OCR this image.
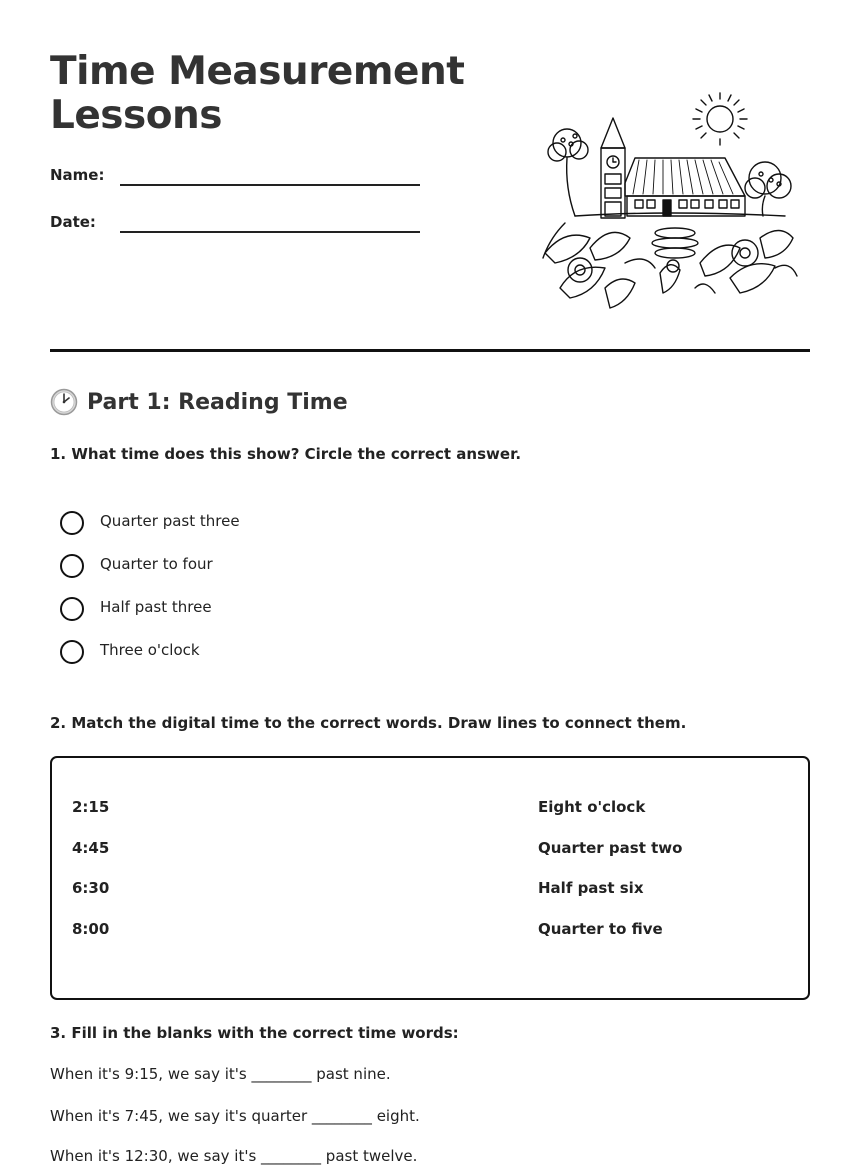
Time Measurement
Lessons
Name:
Date:
Part 1: Reading Time

1. What time does this show? Circle the correct answer.

Quarter past three
Quarter to four
Half past three
Three o'clock

2. Match the digital time to the correct words. Draw lines to connect them.

2:15
4:45
6:30
8:00
Eight o'clock
Quarter past two
Half past six
Quarter to five

3. Fill in the blanks with the correct time words:

When it's 9:15, we say it's ________ past nine.

When it's 7:45, we say it's quarter ________ eight.

When it's 12:30, we say it's ________ past twelve.
